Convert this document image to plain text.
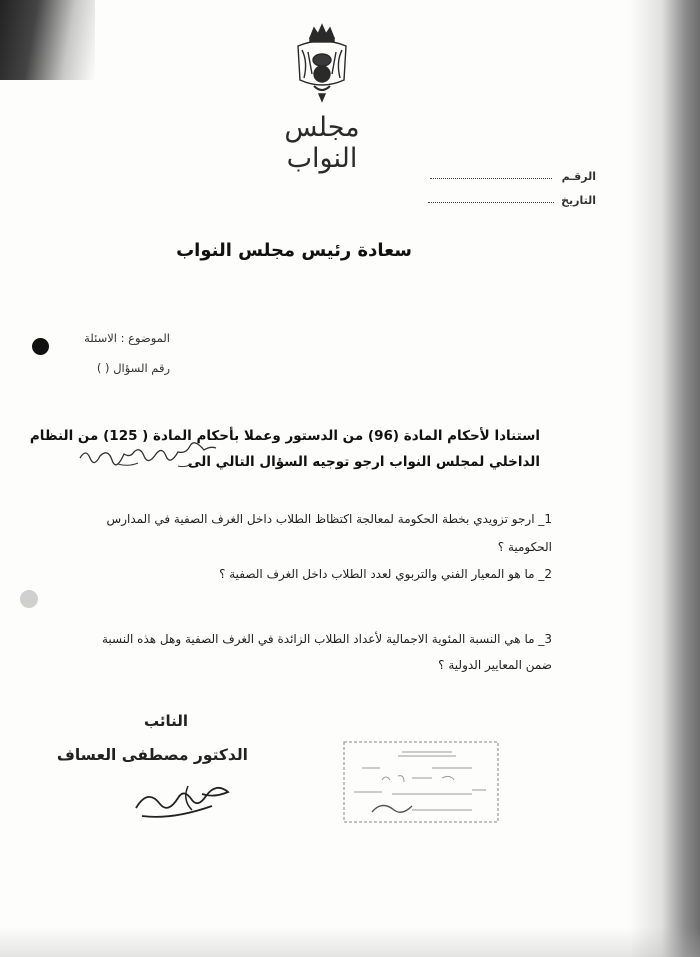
مجلس النواب
الرقـم
التاريخ
سعادة رئيس مجلس النواب
الموضوع : الاسئلة
رقم السؤال ( )
استنادا لأحكام المادة (96) من الدستور وعملا بأحكام المادة ( 125) من النظام
الداخلي لمجلس النواب ارجو توجيه السؤال التالي الى
1_ ارجو تزويدي بخطة الحكومة لمعالجة اكتظاظ الطلاب داخل الغرف الصفية في المدارس
الحكومية ؟
2_ ما هو المعيار الفني والتربوي لعدد الطلاب داخل الغرف الصفية ؟
3_ ما هي النسبة المئوية الاجمالية لأعداد الطلاب الزائدة في الغرف الصفية وهل هذه النسبة
ضمن المعايير الدولية ؟
النائب
الدكتور مصطفى العساف
